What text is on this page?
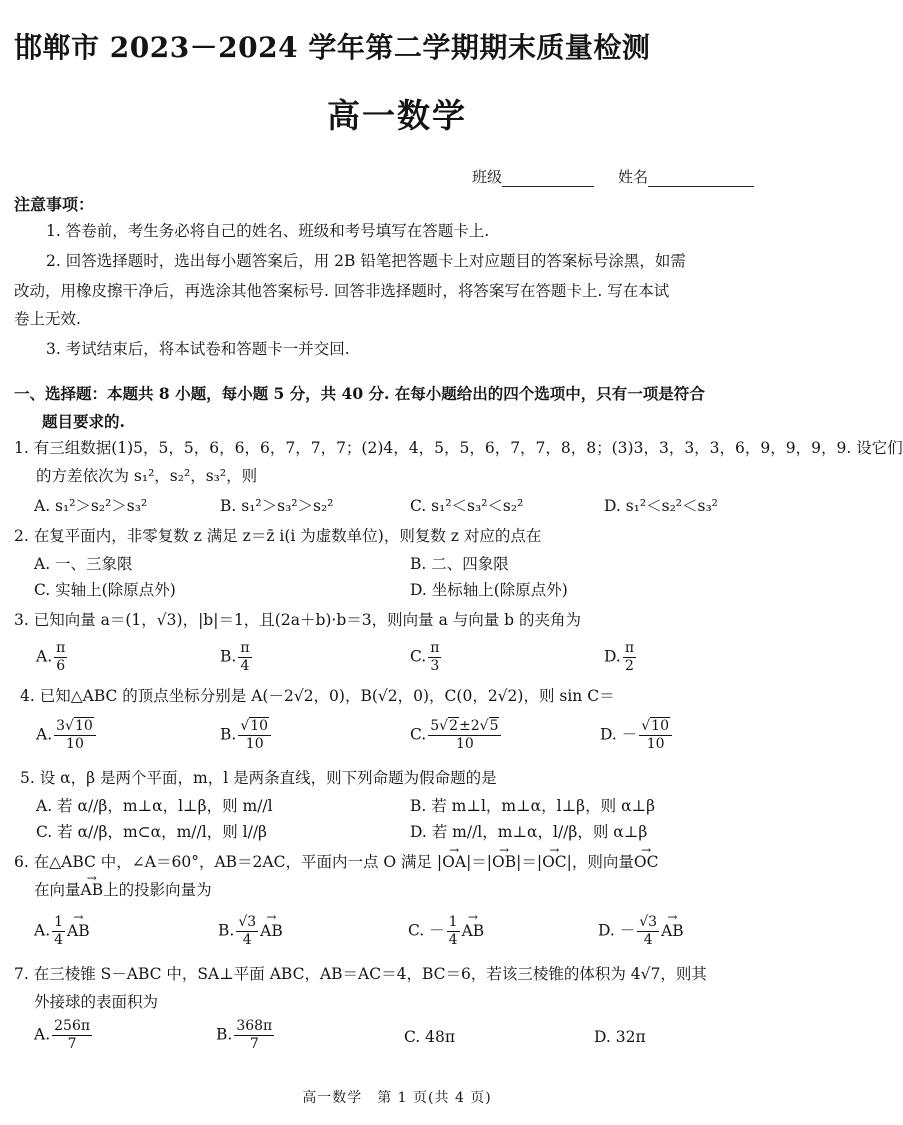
邯郸市 2023－2024 学年第二学期期末质量检测
高一数学
班级	姓名
注意事项：
1. 答卷前，考生务必将自己的姓名、班级和考号填写在答题卡上.
2. 回答选择题时，选出每小题答案后，用 2B 铅笔把答题卡上对应题目的答案标号涂黑，如需
改动，用橡皮擦干净后，再选涂其他答案标号. 回答非选择题时，将答案写在答题卡上. 写在本试
卷上无效.
3. 考试结束后，将本试卷和答题卡一并交回.
一、选择题：本题共 8 小题，每小题 5 分，共 40 分. 在每小题给出的四个选项中，只有一项是符合
题目要求的.
1. 有三组数据(1)5，5，5，6，6，6，7，7，7；(2)4，4，5，5，6，7，7，8，8；(3)3，3，3，3，6，9，9，9，9. 设它们
的方差依次为 s₁²，s₂²，s₃²，则
A. s₁²＞s₂²＞s₃²	B. s₁²＞s₃²＞s₂²	C. s₁²＜s₃²＜s₂²	D. s₁²＜s₂²＜s₃²
2. 在复平面内，非零复数 z 满足 z＝z̄ i(i 为虚数单位)，则复数 z 对应的点在
A. 一、三象限	B. 二、四象限
C. 实轴上(除原点外)	D. 坐标轴上(除原点外)
3. 已知向量 a＝(1，√3)，|b|＝1，且(2a＋b)·b＝3，则向量 a 与向量 b 的夹角为
A. $\frac{\pi}{6}$	B. $\frac{\pi}{4}$	C. $\frac{\pi}{3}$	D. $\frac{\pi}{2}$
4. 已知△ABC 的顶点坐标分别是 A(－2√2，0)，B(√2，0)，C(0，2√2)，则 sin C＝
A. $\frac{3√10}{10}$	B. $\frac{√10}{10}$	C. $\frac{5√2\pm 2√5}{10}$	D. － $\frac{√10}{10}$
5. 设 α，β 是两个平面，m，l 是两条直线，则下列命题为假命题的是
A. 若 α//β，m⊥α，l⊥β，则 m//l	B. 若 m⊥l，m⊥α，l⊥β，则 α⊥β
C. 若 α//β，m⊂α，m//l，则 l//β	D. 若 m//l，m⊥α，l//β，则 α⊥β
6. 在△ABC 中，∠A＝60°，AB＝2AC，平面内一点 O 满足 |→ OA|＝|→ OB|＝|→ OC|，则向量→ OC
在向量→ AB上的投影向量为
A. $\frac{1}{4}$ → AB	B. $\frac{√3}{4}$ → AB	C. － $\frac{1}{4}$ → AB	D. － $\frac{√3}{4}$ → AB
7. 在三棱锥 S－ABC 中，SA⊥平面 ABC，AB＝AC＝4，BC＝6，若该三棱锥的体积为 4√7，则其
外接球的表面积为
A. $\frac{256\pi}{7}$	B. $\frac{368\pi}{7}$	C. 48π	D. 32π
高一数学　第 1 页(共 4 页)
